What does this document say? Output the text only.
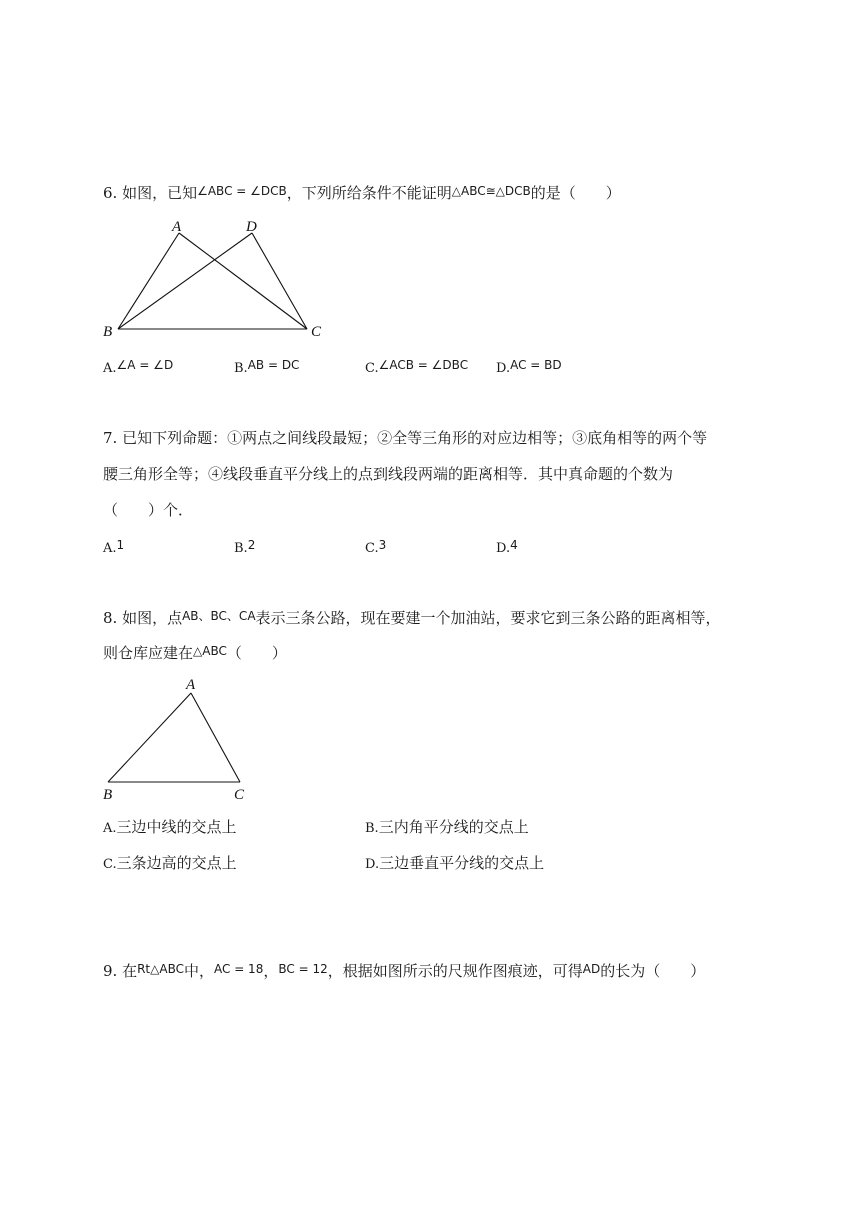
6. 如图，已知$^{\angle ABC = \angle DCB}$，下列所给条件不能证明$^{\triangle ABC≅\triangle DCB}$的是（　　）
A	D
B	C
A.∠A = ∠D	B.AB = DC	C.∠ACB = ∠DBC D.AC = BD
7. 已知下列命题：①两点之间线段最短；②全等三角形的对应边相等；③底角相等的两个等
腰三角形全等；④线段垂直平分线上的点到线段两端的距离相等．其中真命题的个数为
（　　）个．
A.1	B.2	C.3	D.4
8. 如图，点$^{AB、BC、CA}$表示三条公路，现在要建一个加油站，要求它到三条公路的距离相等，
则仓库应建在$^{\triangle ABC}$（　　）
A
B	C
A.三边中线的交点上	B.三内角平分线的交点上
C.三条边高的交点上	D.三边垂直平分线的交点上
9. 在$^{Rt\triangle ABC}$中，$^{AC = 18}$，$^{BC = 12}$，根据如图所示的尺规作图痕迹，可得$^{AD}$的长为（　　）
